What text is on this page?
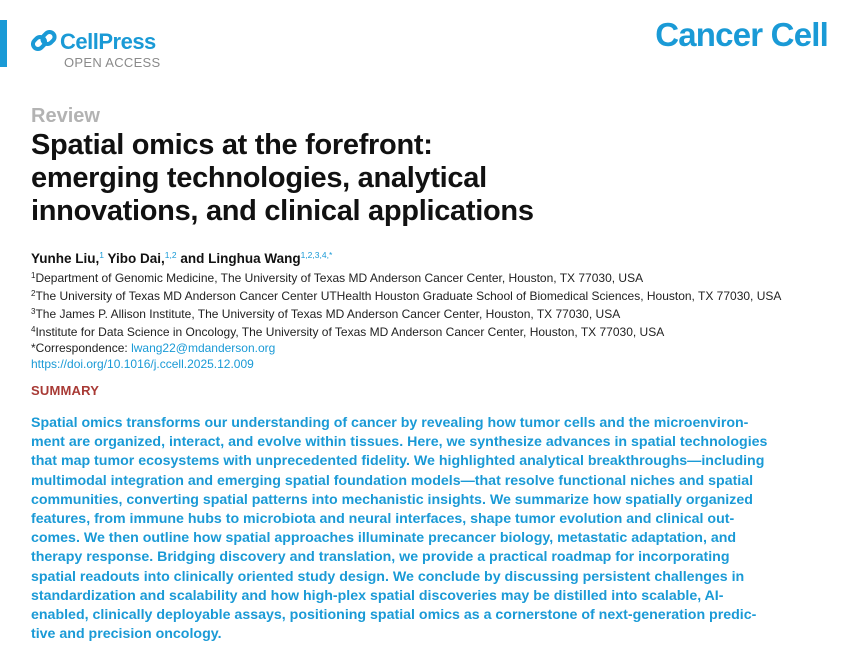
CellPress
OPEN ACCESS
Cancer Cell
Review
Spatial omics at the forefront:
emerging technologies, analytical
innovations, and clinical applications
Yunhe Liu,$^1$ Yibo Dai,$^{1,2}$ and Linghua Wang$^{1,2,3,4,*}$
$^1$Department of Genomic Medicine, The University of Texas MD Anderson Cancer Center, Houston, TX 77030, USA
$^2$The University of Texas MD Anderson Cancer Center UTHealth Houston Graduate School of Biomedical Sciences, Houston, TX 77030, USA
$^3$The James P. Allison Institute, The University of Texas MD Anderson Cancer Center, Houston, TX 77030, USA
$^4$Institute for Data Science in Oncology, The University of Texas MD Anderson Cancer Center, Houston, TX 77030, USA
*Correspondence: lwang22@mdanderson.org
https://doi.org/10.1016/j.ccell.2025.12.009
SUMMARY
Spatial omics transforms our understanding of cancer by revealing how tumor cells and the microenviron-
ment are organized, interact, and evolve within tissues. Here, we synthesize advances in spatial technologies
that map tumor ecosystems with unprecedented fidelity. We highlighted analytical breakthroughs—including
multimodal integration and emerging spatial foundation models—that resolve functional niches and spatial
communities, converting spatial patterns into mechanistic insights. We summarize how spatially organized
features, from immune hubs to microbiota and neural interfaces, shape tumor evolution and clinical out-
comes. We then outline how spatial approaches illuminate precancer biology, metastatic adaptation, and
therapy response. Bridging discovery and translation, we provide a practical roadmap for incorporating
spatial readouts into clinically oriented study design. We conclude by discussing persistent challenges in
standardization and scalability and how high-plex spatial discoveries may be distilled into scalable, AI-
enabled, clinically deployable assays, positioning spatial omics as a cornerstone of next-generation predic-
tive and precision oncology.
